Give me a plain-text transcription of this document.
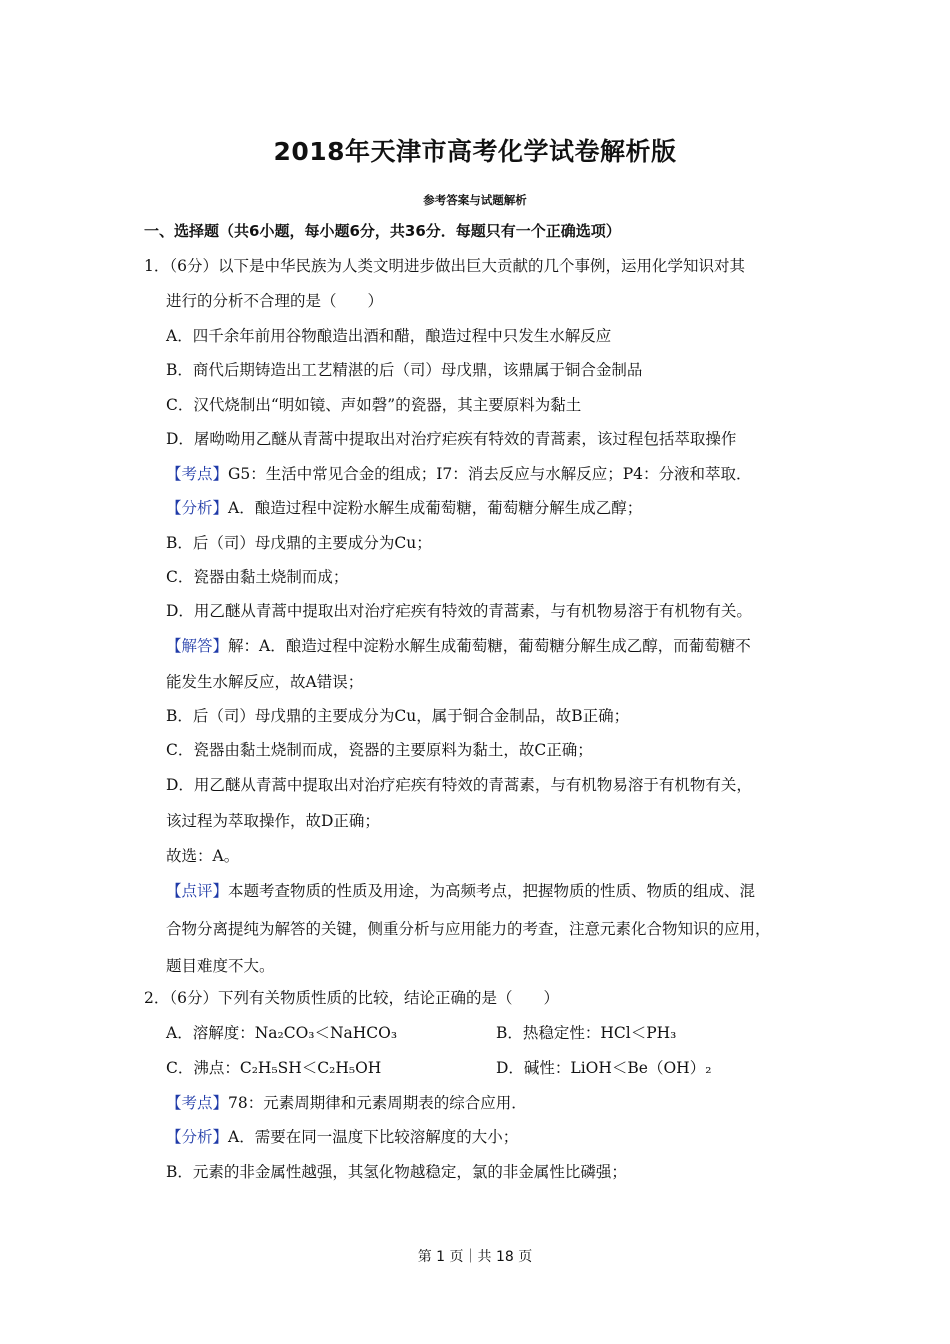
2018年天津市高考化学试卷解析版
参考答案与试题解析
一、选择题（共6小题，每小题6分，共36分．每题只有一个正确选项）
1．（6分）以下是中华民族为人类文明进步做出巨大贡献的几个事例，运用化学知识对其
进行的分析不合理的是（　　）
A．四千余年前用谷物酿造出酒和醋，酿造过程中只发生水解反应
B．商代后期铸造出工艺精湛的后（司）母戊鼎，该鼎属于铜合金制品
C．汉代烧制出“明如镜、声如磬”的瓷器，其主要原料为黏土
D．屠呦呦用乙醚从青蒿中提取出对治疗疟疾有特效的青蒿素，该过程包括萃取操作
【考点】G5：生活中常见合金的组成；I7：消去反应与水解反应；P4：分液和萃取．
【分析】A．酿造过程中淀粉水解生成葡萄糖，葡萄糖分解生成乙醇；
B．后（司）母戊鼎的主要成分为Cu；
C．瓷器由黏土烧制而成；
D．用乙醚从青蒿中提取出对治疗疟疾有特效的青蒿素，与有机物易溶于有机物有关。
【解答】解：A．酿造过程中淀粉水解生成葡萄糖，葡萄糖分解生成乙醇，而葡萄糖不
能发生水解反应，故A错误；
B．后（司）母戊鼎的主要成分为Cu，属于铜合金制品，故B正确；
C．瓷器由黏土烧制而成，瓷器的主要原料为黏土，故C正确；
D．用乙醚从青蒿中提取出对治疗疟疾有特效的青蒿素，与有机物易溶于有机物有关，
该过程为萃取操作，故D正确；
故选：A。
【点评】本题考查物质的性质及用途，为高频考点，把握物质的性质、物质的组成、混
合物分离提纯为解答的关键，侧重分析与应用能力的考查，注意元素化合物知识的应用，
题目难度不大。
2．（6分）下列有关物质性质的比较，结论正确的是（　　）
A．溶解度：Na₂CO₃＜NaHCO₃	B．热稳定性：HCl＜PH₃
C．沸点：C₂H₅SH＜C₂H₅OH	D．碱性：LiOH＜Be（OH）₂
【考点】78：元素周期律和元素周期表的综合应用．
【分析】A．需要在同一温度下比较溶解度的大小；
B．元素的非金属性越强，其氢化物越稳定，氯的非金属性比磷强；
第 1 页｜共 18 页
